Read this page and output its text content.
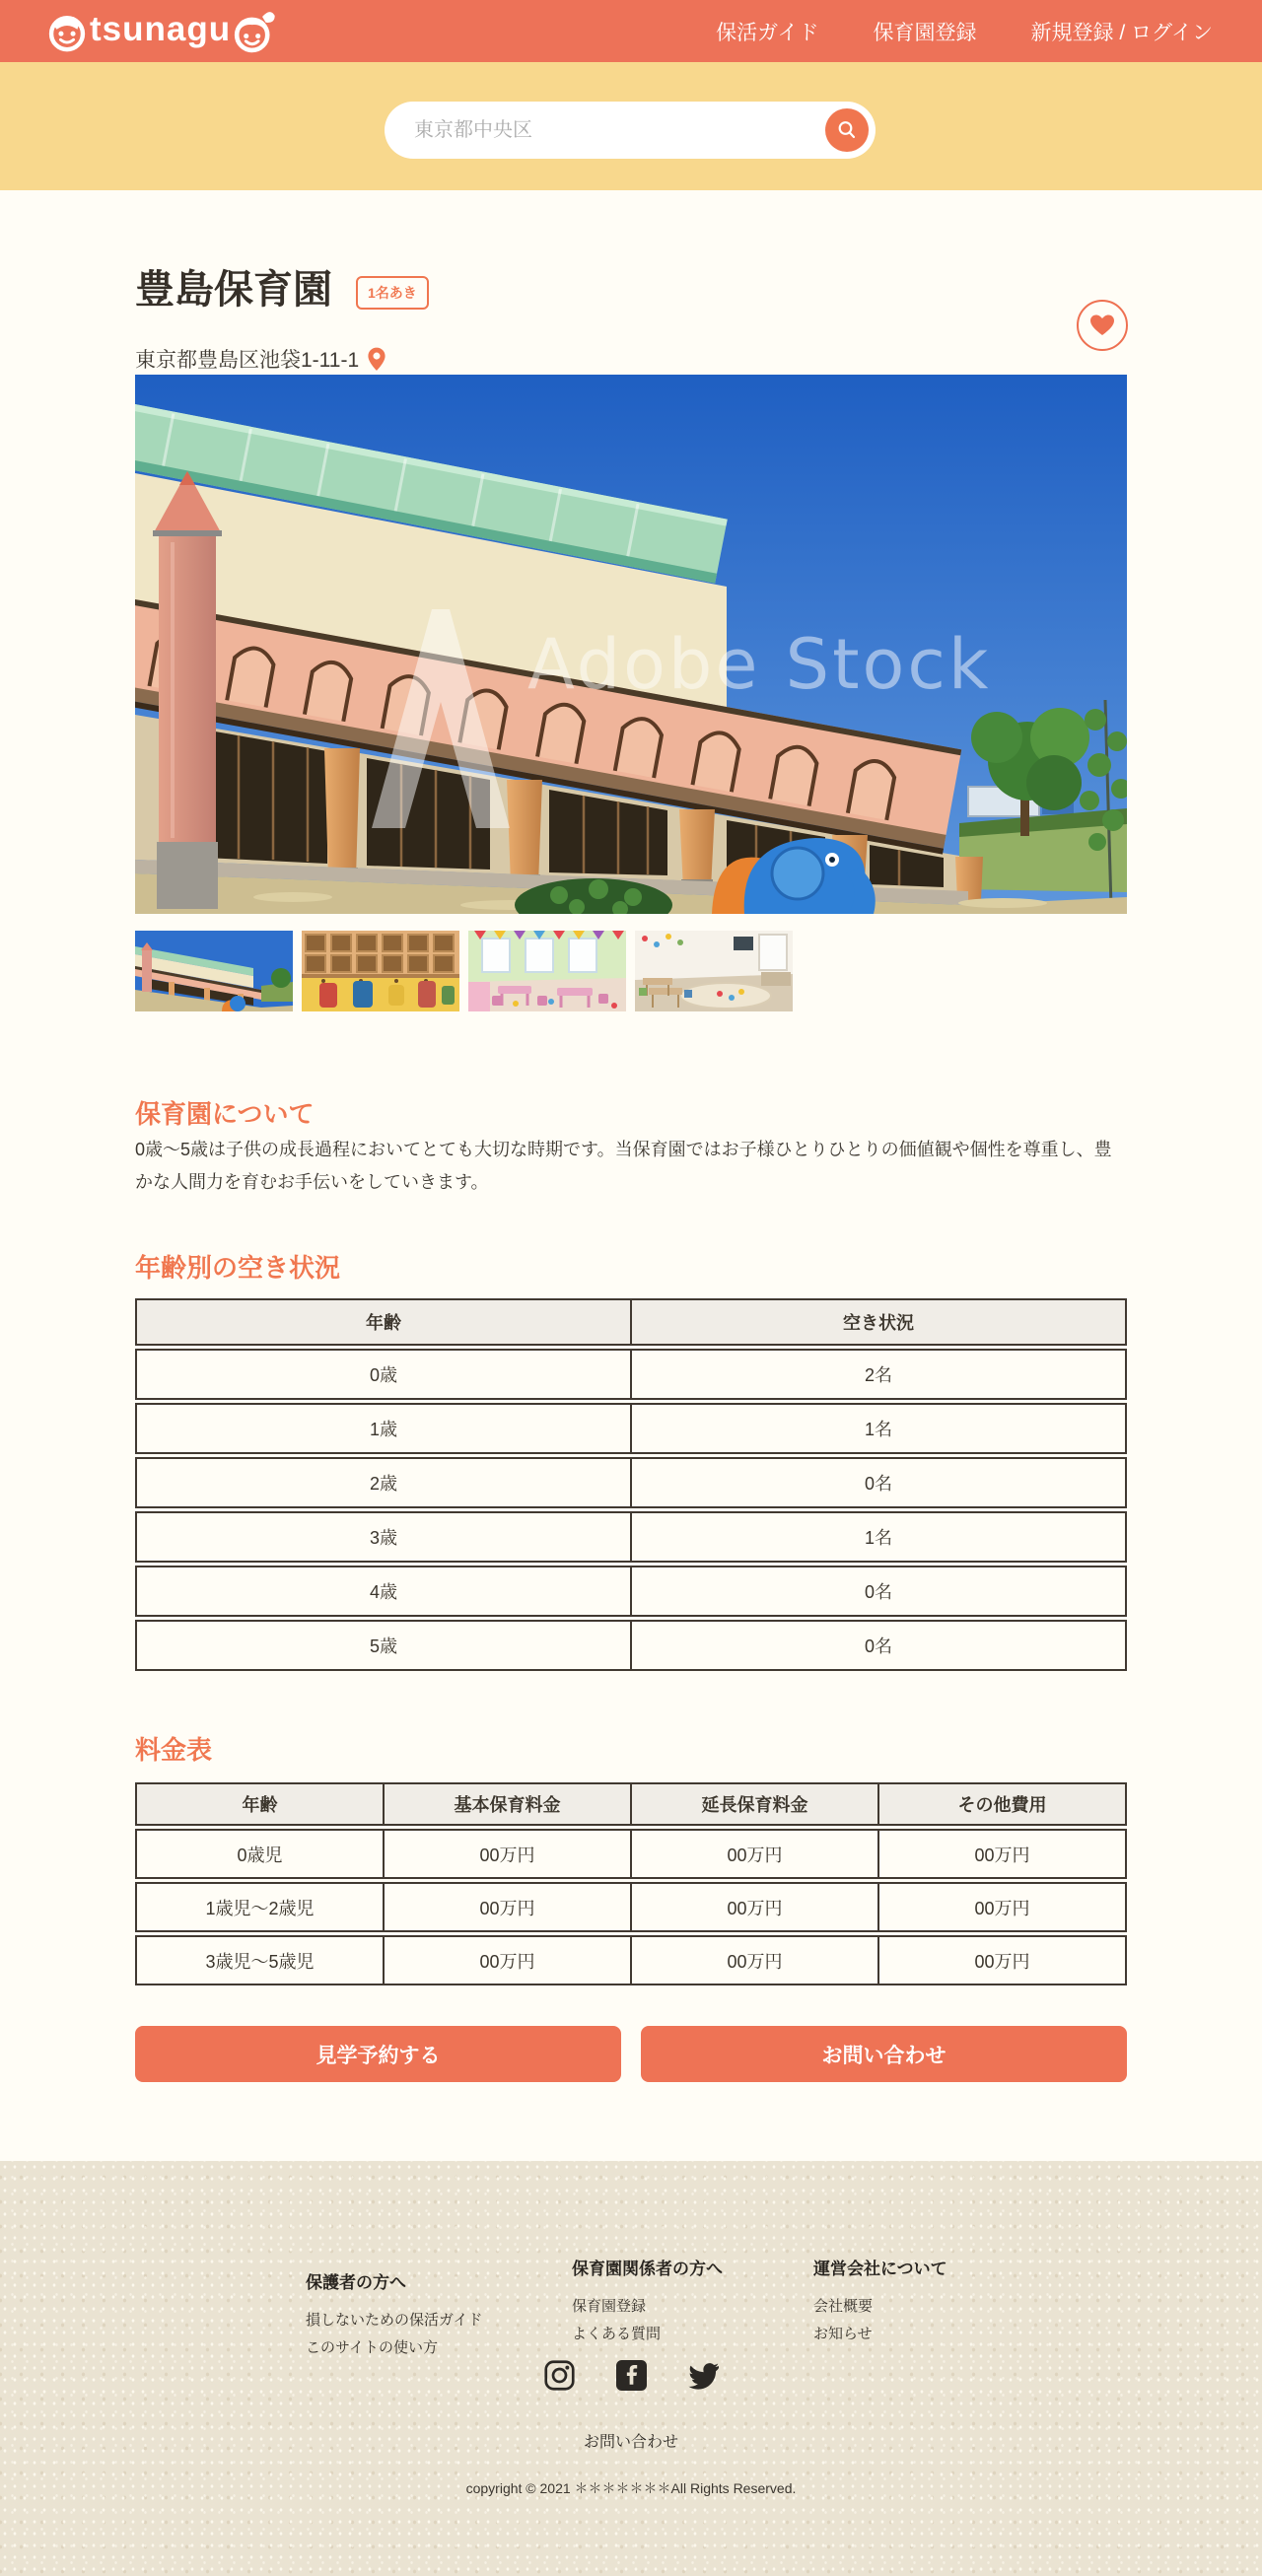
tsunagu	保活ガイド	保育園登録	新規登録 / ログイン
東京都中央区
豊島保育園	1名あき
東京都豊島区池袋1-11-1
Adobe Stock
保育園について

0歳〜5歳は子供の成長過程においてとても大切な時期です。当保育園ではお子様ひとりひとりの価値観や個性を尊重し、豊かな人間力を育むお手伝いをしていきます。

年齢別の空き状況
年齢	空き状況
0歳	2名
1歳	1名
2歳	0名
3歳	1名
4歳	0名
5歳	0名
料金表
年齢	基本保育料金	延長保育料金	その他費用
0歳児	00万円	00万円	00万円
1歳児〜2歳児	00万円	00万円	00万円
3歳児〜5歳児	00万円	00万円	00万円
見学予約する	お問い合わせ
保護者の方へ
損しないための保活ガイド
このサイトの使い方
保育園関係者の方へ
保育園登録
よくある質問
運営会社について
会社概要
お知らせ
お問い合わせ
copyright © 2021 ＊＊＊＊＊＊＊All Rights Reserved.
